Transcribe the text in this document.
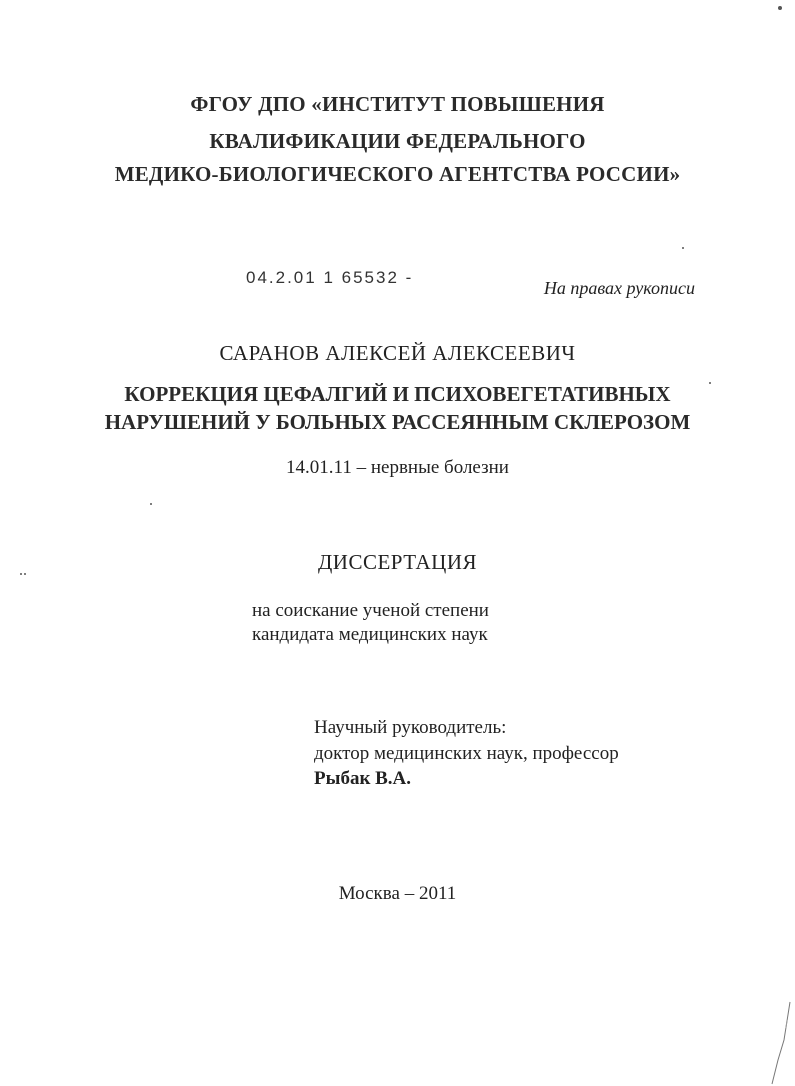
ФГОУ ДПО «ИНСТИТУТ ПОВЫШЕНИЯ
КВАЛИФИКАЦИИ ФЕДЕРАЛЬНОГО
МЕДИКО-БИОЛОГИЧЕСКОГО АГЕНТСТВА РОССИИ»
04.2.01 1 65532 -
На правах рукописи
САРАНОВ АЛЕКСЕЙ АЛЕКСЕЕВИЧ
КОРРЕКЦИЯ ЦЕФАЛГИЙ И ПСИХОВЕГЕТАТИВНЫХ
НАРУШЕНИЙ У БОЛЬНЫХ РАССЕЯННЫМ СКЛЕРОЗОМ
14.01.11 – нервные болезни
ДИССЕРТАЦИЯ
на соискание ученой степени
кандидата медицинских наук
Научный руководитель:
доктор медицинских наук, профессор
Рыбак В.А.
Москва – 2011
